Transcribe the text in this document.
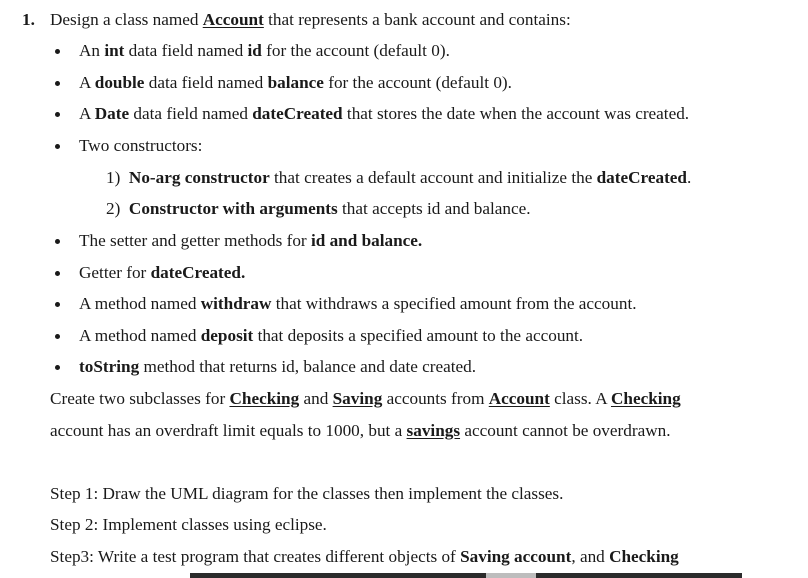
1. Design a class named Account that represents a bank account and contains:
An int data field named id for the account (default 0).
A double data field named balance for the account (default 0).
A Date data field named dateCreated that stores the date when the account was created.
Two constructors:
1) No-arg constructor that creates a default account and initialize the dateCreated.
2) Constructor with arguments that accepts id and balance.
The setter and getter methods for id and balance.
Getter for dateCreated.
A method named withdraw that withdraws a specified amount from the account.
A method named deposit that deposits a specified amount to the account.
toString method that returns id, balance and date created.
Create two subclasses for Checking and Saving accounts from Account class. A Checking
account has an overdraft limit equals to 1000, but a savings account cannot be overdrawn.
Step 1: Draw the UML diagram for the classes then implement the classes.
Step 2: Implement classes using eclipse.
Step3: Write a test program that creates different objects of Saving account, and Checking
